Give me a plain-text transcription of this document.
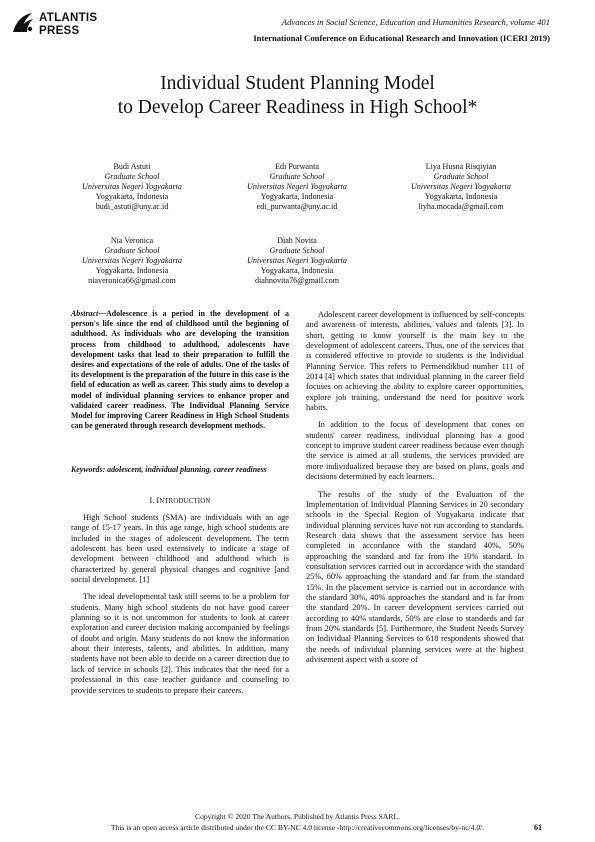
ATLANTIS
PRESS
Advances in Social Science, Education and Humanities Research, volume 401
International Conference on Educational Research and Innovation (ICERI 2019)
Individual Student Planning Model
to Develop Career Readiness in High School*
Budi Astuti
Graduate School
Universitas Negeri Yogyakarta
Yogyakarta, Indonesia
budi_astuti@uny.ac.id
Edi Purwanta
Graduate School
Universitas Negeri Yogyakarta
Yogyakarta, Indonesia
edi_purwanta@uny.ac.id
Liya Husna Risqiyian
Graduate School
Universitas Negeri Yogyakarta
Yogyakarta, Indonesia
liyha.mocada@gmail.com
Nia Veronica
Graduate School
Universitas Negeri Yogyakarta
Yogyakarta, Indonesia
niaveronica66@gmail.com
Diah Novita
Graduate School
Universitas Negeri Yogyakarta
Yogyakarta, Indonesia
diahnovita76@gmail.com
Abstract—Adolescence is a period in the development of a person's life since the end of childhood until the beginning of adulthood. As individuals who are developing the transition process from childhood to adulthood, adolescents have development tasks that lead to their preparation to fulfill the desires and expectations of the role of adults. One of the tasks of its development is the preparation of the future in this case is the field of education as well as career. This study aims to develop a model of individual planning services to enhance proper and validated career readiness. The Individual Planning Service Model for improving Career Readiness in High School Students can be generated through research development methods.
Keywords: adolescent, individual planning, career readiness
I. INTRODUCTION

High School students (SMA) are individuals with an age range of 15-17 years. In this age range, high school students are included in the stages of adolescent development. The term adolescent has been used extensively to indicate a stage of development between childhood and adulthood which is characterized by general physical changes and cognitive [and social development. [1]

The ideal developmental task still seems to be a problem for students. Many high school students do not have good career planning so it is not uncommon for students to look at career exploration and career decision making accompanied by feelings of doubt and origin. Many students do not know the information about their interests, talents, and abilities. In addition, many students have not been able to decide on a career direction due to lack of service in schools [2]. This indicates that the need for a professional in this case teacher guidance and counseling to provide services to students to prepare their careers.

Adolescent career development is influenced by self-concepts and awareness of interests, abilities, values and talents [3]. In short, getting to know yourself is the main key to the development of adolescent careers. Thus, one of the services that is considered effective to provide to students is the Individual Planning Service. This refers to Permendikbud number 111 of 2014 [4] which states that individual planning in the career field focuses on achieving the ability to explore career opportunities, explore job training, understand the need for positive work habits.

In addition to the focus of development that cones on students' career readiness, individual planning has a good concept to improve student career readiness because even though the service is aimed at all students, the services provided are more individualized because they are based on plans, goals and decisions determined by each learners.

The results of the study of the Evaluation of the Implementation of Individual Planning Services in 20 secondary schools in the Special Region of Yogyakarta indicate that individual planning services have not run according to standards. Research data shows that the assessment service has been completed in accordance with the standard 40%, 50% approaching the standard and far from the 10% standard. In consultation services carried out in accordance with the standard 25%, 60% approaching the standard and far from the standard 15%. In the placement service is carried out in accordance with the standard 30%, 40% approaches the standard and is far from the standard 20%. In career development services carried out according to 40% standards, 50% are close to standards and far from 20% standards [5]. Furthermore, the Student Needs Survey on Individual Planning Services to 618 respondents showed that the needs of individual planning services were at the highest advisement aspect with a score of

Copyright © 2020 The Authors. Published by Atlantis Press SARL.
This is an open access article distributed under the CC BY-NC 4.0 license -http://creativecommons.org/licenses/by-nc/4.0/.	61
